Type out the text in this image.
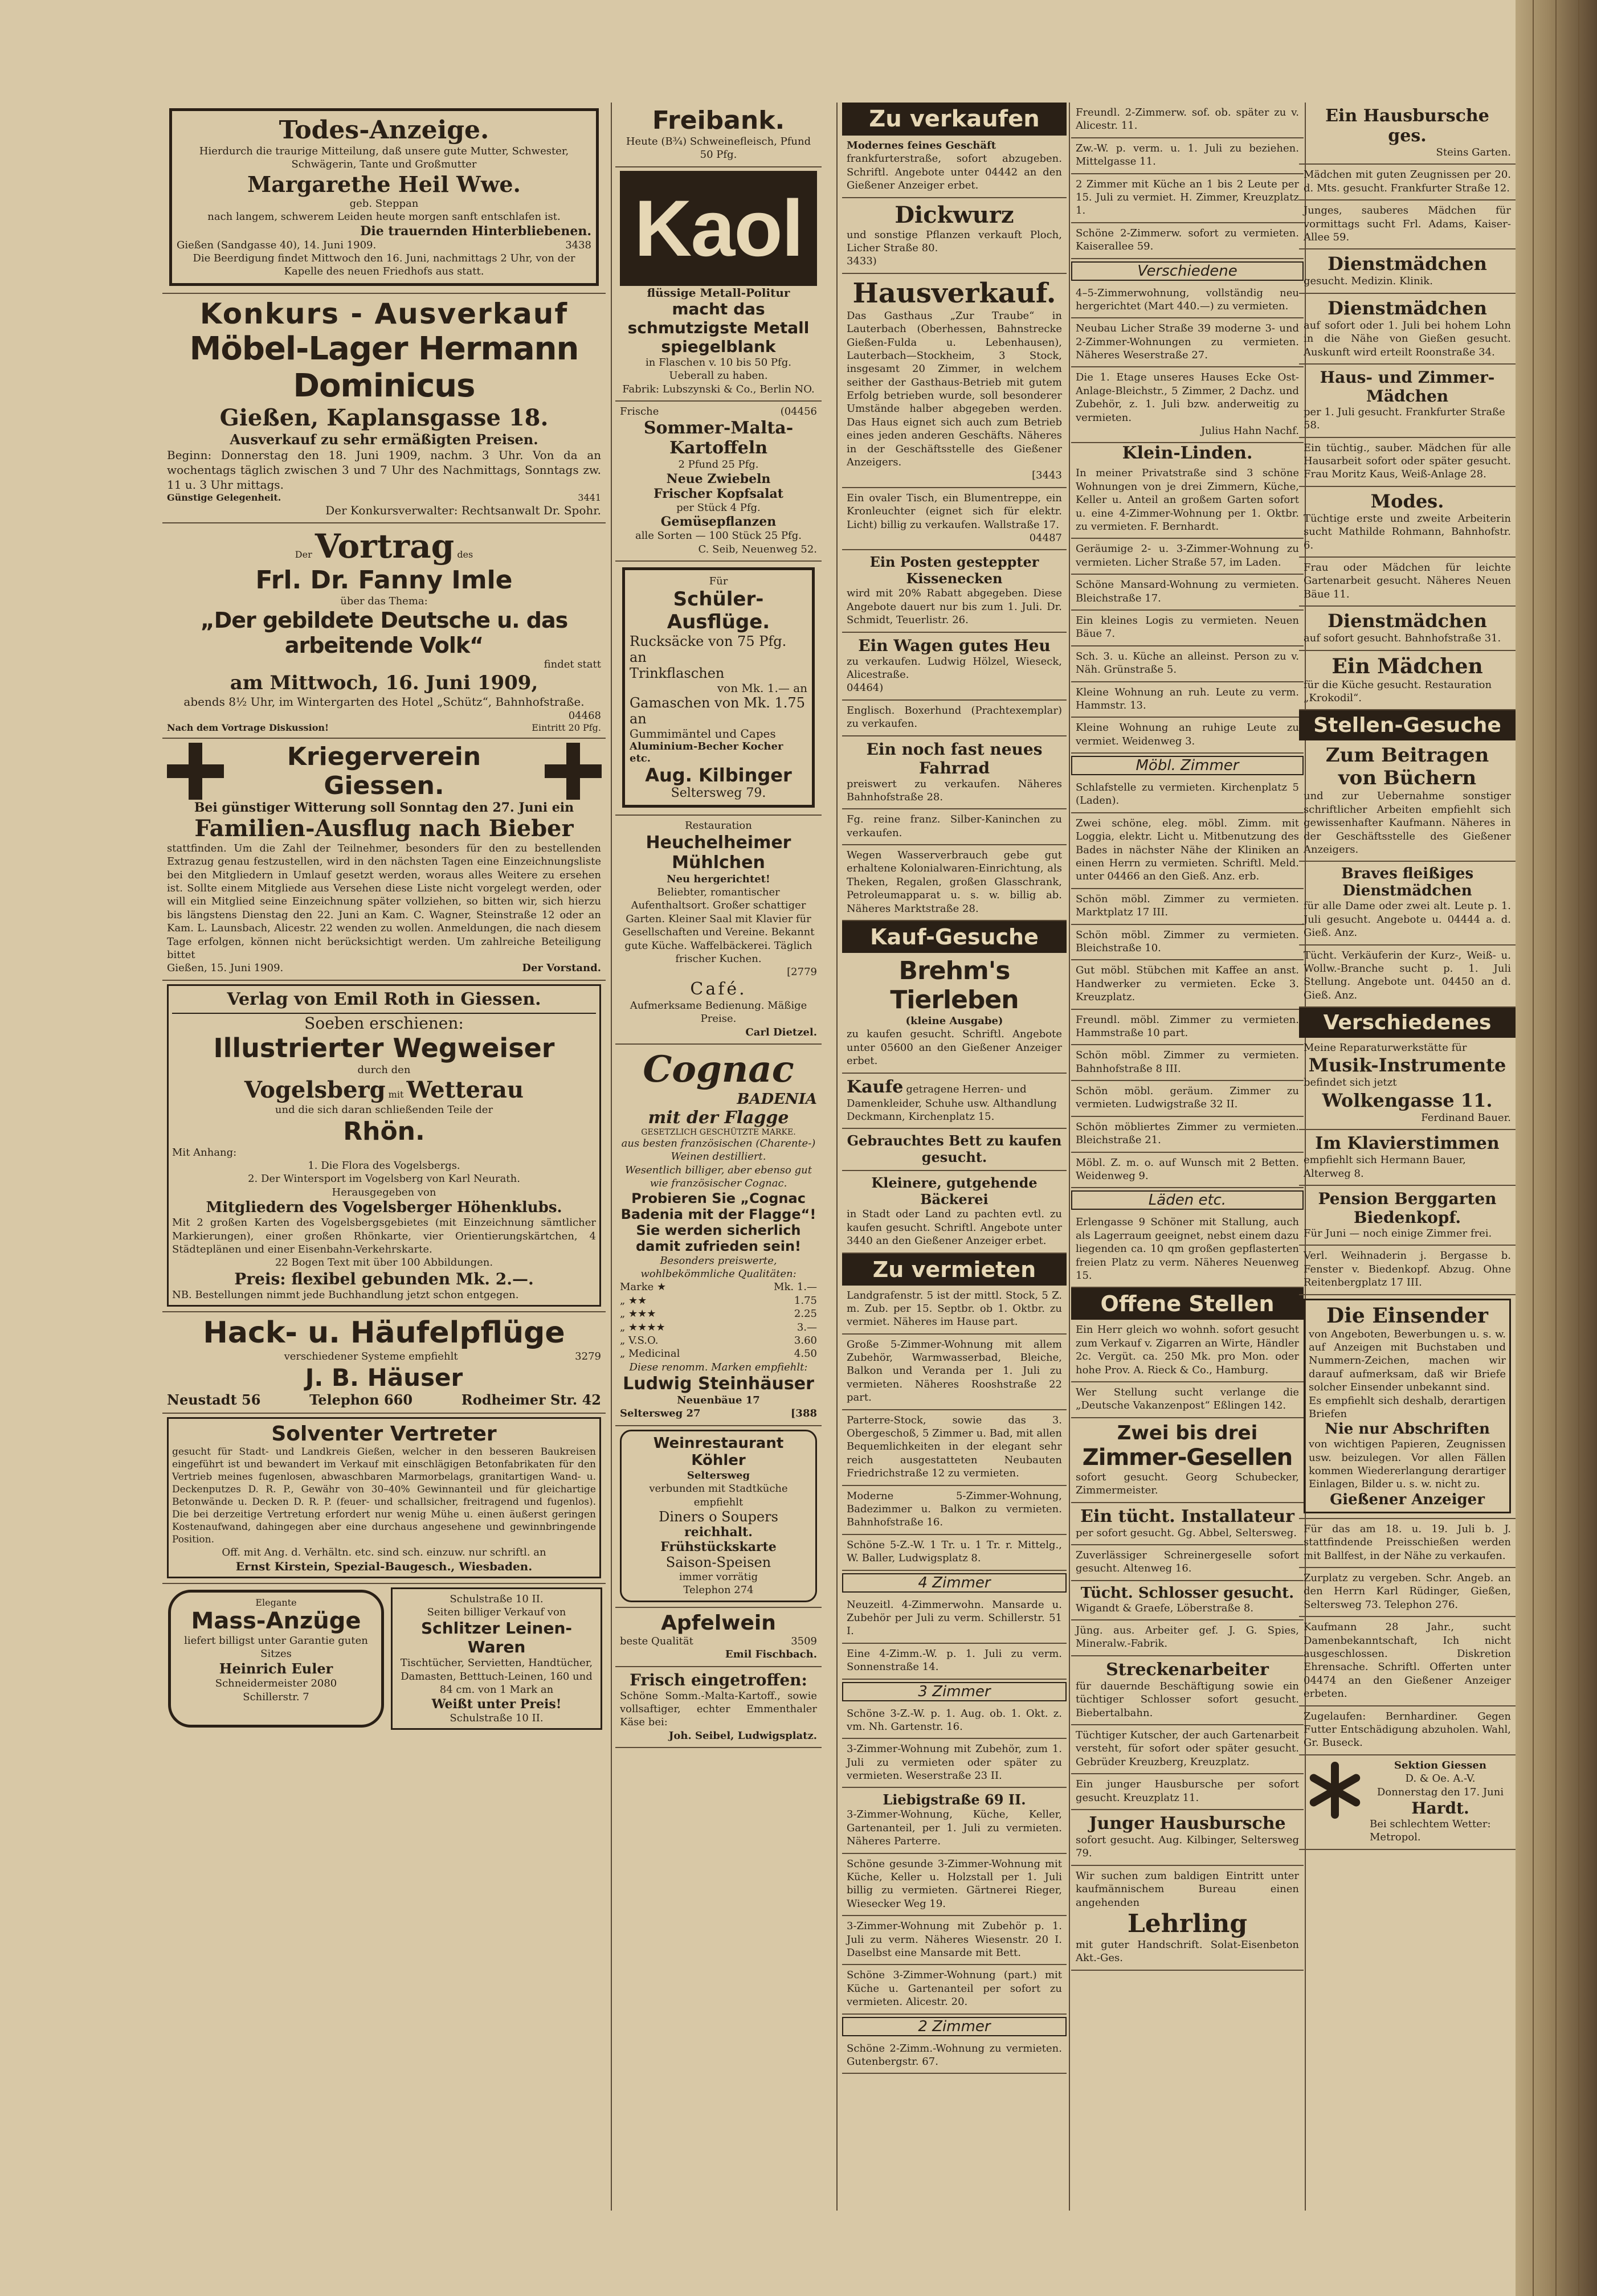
Todes-Anzeige.
Hierdurch die traurige Mitteilung, daß unsere gute Mutter, Schwester, Schwägerin, Tante und Großmutter
Margarethe Heil Wwe.
geb. Steppan
nach langem, schwerem Leiden heute morgen sanft entschlafen ist.
Die trauernden Hinterbliebenen.
Gießen (Sandgasse 40), 14. Juni 1909.	3438
Die Beerdigung findet Mittwoch den 16. Juni, nachmittags 2 Uhr, von der Kapelle des neuen Friedhofs aus statt.
Konkurs - Ausverkauf
Möbel-Lager Hermann Dominicus
Gießen, Kaplansgasse 18.
Ausverkauf zu sehr ermäßigten Preisen.
Beginn: Donnerstag den 18. Juni 1909, nachm. 3 Uhr. Von da an wochentags täglich zwischen 3 und 7 Uhr des Nachmittags, Sonntags zw. 11 u. 3 Uhr mittags.
Günstige Gelegenheit.	3441
Der Konkursverwalter: Rechtsanwalt Dr. Spohr.
Der Vortrag des
Frl. Dr. Fanny Imle
über das Thema:
„Der gebildete Deutsche u. das arbeitende Volk“
findet statt
am Mittwoch, 16. Juni 1909,
abends 8½ Uhr, im Wintergarten des Hotel „Schütz“, Bahnhofstraße.
04468
Nach dem Vortrage Diskussion!	Eintritt 20 Pfg.
Kriegerverein Giessen.
Bei günstiger Witterung soll Sonntag den 27. Juni ein
Familien-Ausflug nach Bieber
stattfinden. Um die Zahl der Teilnehmer, besonders für den zu bestellenden Extrazug genau festzustellen, wird in den nächsten Tagen eine Einzeichnungsliste bei den Mitgliedern in Umlauf gesetzt werden, woraus alles Weitere zu ersehen ist. Sollte einem Mitgliede aus Versehen diese Liste nicht vorgelegt werden, oder will ein Mitglied seine Einzeichnung später vollziehen, so bitten wir, sich hierzu bis längstens Dienstag den 22. Juni an Kam. C. Wagner, Steinstraße 12 oder an Kam. L. Launsbach, Alicestr. 22 wenden zu wollen. Anmeldungen, die nach diesem Tage erfolgen, können nicht berücksichtigt werden. Um zahlreiche Beteiligung bittet
Gießen, 15. Juni 1909.	Der Vorstand.
Verlag von Emil Roth in Giessen.
Soeben erschienen:
Illustrierter Wegweiser
durch den
Vogelsberg mit Wetterau
und die sich daran schließenden Teile der
Rhön.
Mit Anhang:
1. Die Flora des Vogelsbergs.
2. Der Wintersport im Vogelsberg von Karl Neurath.
Herausgegeben von
Mitgliedern des Vogelsberger Höhenklubs.
Mit 2 großen Karten des Vogelsbergsgebietes (mit Einzeichnung sämtlicher Markierungen), einer großen Rhönkarte, vier Orientierungskärtchen, 4 Städteplänen und einer Eisenbahn-Verkehrskarte.
22 Bogen Text mit über 100 Abbildungen.
Preis: flexibel gebunden Mk. 2.—.
NB. Bestellungen nimmt jede Buchhandlung jetzt schon entgegen.
Hack- u. Häufelpflüge
verschiedener Systeme empfiehlt	3279
J. B. Häuser
Neustadt 56	Telephon 660	Rodheimer Str. 42
Solventer Vertreter
gesucht für Stadt- und Landkreis Gießen, welcher in den besseren Baukreisen eingeführt ist und bewandert im Verkauf mit einschlägigen Betonfabrikaten für den Vertrieb meines fugenlosen, abwaschbaren Marmorbelags, granitartigen Wand- u. Deckenputzes D. R. P., Gewähr von 30–40% Gewinnanteil und für gleichartige Betonwände u. Decken D. R. P. (feuer- und schallsicher, freitragend und fugenlos). Die bei derzeitige Vertretung erfordert nur wenig Mühe u. einen äußerst geringen Kostenaufwand, dahingegen aber eine durchaus angesehene und gewinnbringende Position.
Off. mit Ang. d. Verhältn. etc. sind sch. einzuw. nur schriftl. an
Ernst Kirstein, Spezial-Baugesch., Wiesbaden.
Elegante
Mass-Anzüge
liefert billigst unter Garantie guten Sitzes
Heinrich Euler
Schneidermeister 2080
Schillerstr. 7
Schulstraße 10 II.
Seiten billiger Verkauf von
Schlitzer Leinen-Waren
Tischtücher, Servietten, Handtücher, Damasten, Betttuch-Leinen, 160 und 84 cm. von 1 Mark an
Weißt unter Preis!
Schulstraße 10 II.
Freibank.
Heute (B³⁄₄) Schweinefleisch, Pfund 50 Pfg.
Kaol
flüssige Metall-Politur
macht das
schmutzigste Metall
spiegelblank
in Flaschen v. 10 bis 50 Pfg.
Ueberall zu haben.
Fabrik: Lubszynski & Co., Berlin NO.
Frische	(04456
Sommer-Malta-Kartoffeln
2 Pfund 25 Pfg.
Neue Zwiebeln
Frischer Kopfsalat
per Stück 4 Pfg.
Gemüsepflanzen
alle Sorten — 100 Stück 25 Pfg.
C. Seib, Neuenweg 52.
Für
Schüler-Ausflüge.
Rucksäcke von 75 Pfg. an
Trinkflaschen
von Mk. 1.— an
Gamaschen von Mk. 1.75 an
Gummimäntel und Capes
Aluminium-Becher Kocher etc.
Aug. Kilbinger
Seltersweg 79.
Restauration
Heuchelheimer Mühlchen
Neu hergerichtet!
Beliebter, romantischer Aufenthaltsort. Großer schattiger Garten. Kleiner Saal mit Klavier für Gesellschaften und Vereine. Bekannt gute Küche. Waffelbäckerei. Täglich frischer Kuchen.
[2779
Café.
Aufmerksame Bedienung. Mäßige Preise.
Carl Dietzel.
Cognac
BADENIA
mit der Flagge
GESETZLICH GESCHÜTZTE MARKE.
aus besten französischen (Charente-) Weinen destilliert.
Wesentlich billiger, aber ebenso gut wie französischer Cognac.
Probieren Sie „Cognac Badenia mit der Flagge“! Sie werden sicherlich damit zufrieden sein!
Besonders preiswerte, wohlbekömmliche Qualitäten:
Marke ★	Mk. 1.—
„ ★★	1.75
„ ★★★	2.25
„ ★★★★	3.—
„ V.S.O.	3.60
„ Medicinal	4.50
Diese renomm. Marken empfiehlt:
Ludwig Steinhäuser
Neuenbäue 17
Seltersweg 27	[388
Weinrestaurant Köhler
Seltersweg
verbunden mit Stadtküche
empfiehlt
Diners o Soupers
reichhalt. Frühstückskarte
Saison-Speisen
immer vorrätig
Telephon 274
Apfelwein
beste Qualität	3509
Emil Fischbach.
Frisch eingetroffen:
Schöne Somm.-Malta-Kartoff., sowie vollsaftiger, echter Emmenthaler Käse bei:
Joh. Seibel, Ludwigsplatz.
Zu verkaufen
Modernes feines Geschäft
frankfurterstraße, sofort abzugeben. Schriftl. Angebote unter 04442 an den Gießener Anzeiger erbet.
Dickwurz
und sonstige Pflanzen verkauft Ploch, Licher Straße 80.
3433)
Hausverkauf.
Das Gasthaus „Zur Traube“ in Lauterbach (Oberhessen, Bahnstrecke Gießen-Fulda u. Lebenhausen), Lauterbach—Stockheim, 3 Stock, insgesamt 20 Zimmer, in welchem seither der Gasthaus-Betrieb mit gutem Erfolg betrieben wurde, soll besonderer Umstände halber abgegeben werden. Das Haus eignet sich auch zum Betrieb eines jeden anderen Geschäfts. Näheres in der Geschäftsstelle des Gießener Anzeigers.
[3443
Ein ovaler Tisch, ein Blumentreppe, ein Kronleuchter (eignet sich für elektr. Licht) billig zu verkaufen. Wallstraße 17.
04487
Ein Posten gesteppter Kissenecken
wird mit 20% Rabatt abgegeben. Diese Angebote dauert nur bis zum 1. Juli. Dr. Schmidt, Teuerlistr. 26.
Ein Wagen gutes Heu
zu verkaufen. Ludwig Hölzel, Wieseck, Alicestraße.
04464)
Englisch. Boxerhund (Prachtexemplar) zu verkaufen.
Ein noch fast neues Fahrrad
preiswert zu verkaufen. Näheres Bahnhofstraße 28.
Fg. reine franz. Silber-Kaninchen zu verkaufen.
Wegen Wasserverbrauch gebe gut erhaltene Kolonialwaren-Einrichtung, als Theken, Regalen, großen Glasschrank, Petroleumapparat u. s. w. billig ab. Näheres Marktstraße 28.
Kauf-Gesuche
Brehm's Tierleben
(kleine Ausgabe)
zu kaufen gesucht. Schriftl. Angebote unter 05600 an den Gießener Anzeiger erbet.
Kaufe getragene Herren- und Damenkleider, Schuhe usw. Althandlung Deckmann, Kirchenplatz 15.
Gebrauchtes Bett zu kaufen gesucht.
Kleinere, gutgehende Bäckerei
in Stadt oder Land zu pachten evtl. zu kaufen gesucht. Schriftl. Angebote unter 3440 an den Gießener Anzeiger erbet.
Zu vermieten
Landgrafenstr. 5 ist der mittl. Stock, 5 Z. m. Zub. per 15. Septbr. ob 1. Oktbr. zu vermiet. Näheres im Hause part.
Große 5-Zimmer-Wohnung mit allem Zubehör, Warmwasserbad, Bleiche, Balkon und Veranda per 1. Juli zu vermieten. Näheres Rooshstraße 22 part.
Parterre-Stock, sowie das 3. Obergeschoß, 5 Zimmer u. Bad, mit allen Bequemlichkeiten in der elegant sehr reich ausgestatteten Neubauten Friedrichstraße 12 zu vermieten.
Moderne 5-Zimmer-Wohnung, Badezimmer u. Balkon zu vermieten. Bahnhofstraße 16.
Schöne 5-Z.-W. 1 Tr. u. 1 Tr. r. Mittelg., W. Baller, Ludwigsplatz 8.
4 Zimmer
Neuzeitl. 4-Zimmerwohn. Mansarde u. Zubehör per Juli zu verm. Schillerstr. 51 I.
Eine 4-Zimm.-W. p. 1. Juli zu verm. Sonnenstraße 14.
3 Zimmer
Schöne 3-Z.-W. p. 1. Aug. ob. 1. Okt. z. vm. Nh. Gartenstr. 16.
3-Zimmer-Wohnung mit Zubehör, zum 1. Juli zu vermieten oder später zu vermieten. Weserstraße 23 II.
Liebigstraße 69 II.
3-Zimmer-Wohnung, Küche, Keller, Gartenanteil, per 1. Juli zu vermieten. Näheres Parterre.
Schöne gesunde 3-Zimmer-Wohnung mit Küche, Keller u. Holzstall per 1. Juli billig zu vermieten. Gärtnerei Rieger, Wiesecker Weg 19.
3-Zimmer-Wohnung mit Zubehör p. 1. Juli zu verm. Näheres Wiesenstr. 20 I. Daselbst eine Mansarde mit Bett.
Schöne 3-Zimmer-Wohnung (part.) mit Küche u. Gartenanteil per sofort zu vermieten. Alicestr. 20.
2 Zimmer
Schöne 2-Zimm.-Wohnung zu vermieten. Gutenbergstr. 67.
Freundl. 2-Zimmerw. sof. ob. später zu v. Alicestr. 11.
Zw.-W. p. verm. u. 1. Juli zu beziehen. Mittelgasse 11.
2 Zimmer mit Küche an 1 bis 2 Leute per 15. Juli zu vermiet. H. Zimmer, Kreuzplatz 1.
Schöne 2-Zimmerw. sofort zu vermieten. Kaiserallee 59.
Verschiedene
4–5-Zimmerwohnung, vollständig neu hergerichtet (Mart 440.—) zu vermieten.
Neubau Licher Straße 39 moderne 3- und 2-Zimmer-Wohnungen zu vermieten. Näheres Weserstraße 27.
Die 1. Etage unseres Hauses Ecke Ost-Anlage-Bleichstr., 5 Zimmer, 2 Dachz. und Zubehör, z. 1. Juli bzw. anderweitig zu vermieten.
Julius Hahn Nachf.
Klein-Linden.
In meiner Privatstraße sind 3 schöne Wohnungen von je drei Zimmern, Küche, Keller u. Anteil an großem Garten sofort u. eine 4-Zimmer-Wohnung per 1. Oktbr. zu vermieten. F. Bernhardt.
Geräumige 2- u. 3-Zimmer-Wohnung zu vermieten. Licher Straße 57, im Laden.
Schöne Mansard-Wohnung zu vermieten. Bleichstraße 17.
Ein kleines Logis zu vermieten. Neuen Bäue 7.
Sch. 3. u. Küche an alleinst. Person zu v. Näh. Grünstraße 5.
Kleine Wohnung an ruh. Leute zu verm. Hammstr. 13.
Kleine Wohnung an ruhige Leute zu vermiet. Weidenweg 3.
Möbl. Zimmer
Schlafstelle zu vermieten. Kirchenplatz 5 (Laden).
Zwei schöne, eleg. möbl. Zimm. mit Loggia, elektr. Licht u. Mitbenutzung des Bades in nächster Nähe der Kliniken an einen Herrn zu vermieten. Schriftl. Meld. unter 04466 an den Gieß. Anz. erb.
Schön möbl. Zimmer zu vermieten. Marktplatz 17 III.
Schön möbl. Zimmer zu vermieten. Bleichstraße 10.
Gut möbl. Stübchen mit Kaffee an anst. Handwerker zu vermieten. Ecke 3. Kreuzplatz.
Freundl. möbl. Zimmer zu vermieten. Hammstraße 10 part.
Schön möbl. Zimmer zu vermieten. Bahnhofstraße 8 III.
Schön möbl. geräum. Zimmer zu vermieten. Ludwigstraße 32 II.
Schön möbliertes Zimmer zu vermieten. Bleichstraße 21.
Möbl. Z. m. o. auf Wunsch mit 2 Betten. Weidenweg 9.
Läden etc.
Erlengasse 9 Schöner mit Stallung, auch als Lagerraum geeignet, nebst einem dazu liegenden ca. 10 qm großen gepflasterten freien Platz zu verm. Näheres Neuenweg 15.
Offene Stellen
Ein Herr gleich wo wohnh. sofort gesucht zum Verkauf v. Zigarren an Wirte, Händler 2c. Vergüt. ca. 250 Mk. pro Mon. oder hohe Prov. A. Rieck & Co., Hamburg.
Wer Stellung sucht verlange die „Deutsche Vakanzenpost“ Eßlingen 142.
Zwei bis drei
Zimmer-Gesellen
sofort gesucht. Georg Schubecker, Zimmermeister.
Ein tücht. Installateur
per sofort gesucht. Gg. Abbel, Seltersweg.
Zuverlässiger Schreinergeselle sofort gesucht. Altenweg 16.
Tücht. Schlosser gesucht.
Wigandt & Graefe, Löberstraße 8.
Jüng. aus. Arbeiter gef. J. G. Spies, Mineralw.-Fabrik.
Streckenarbeiter
für dauernde Beschäftigung sowie ein tüchtiger Schlosser sofort gesucht. Biebertalbahn.
Tüchtiger Kutscher, der auch Gartenarbeit versteht, für sofort oder später gesucht. Gebrüder Kreuzberg, Kreuzplatz.
Ein junger Hausbursche per sofort gesucht. Kreuzplatz 11.
Junger Hausbursche
sofort gesucht. Aug. Kilbinger, Seltersweg 79.
Wir suchen zum baldigen Eintritt unter kaufmännischem Bureau einen angehenden
Lehrling
mit guter Handschrift. Solat-Eisenbeton Akt.-Ges.
Ein Hausbursche ges.
Steins Garten.
Mädchen mit guten Zeugnissen per 20. d. Mts. gesucht. Frankfurter Straße 12.
Junges, sauberes Mädchen für vormittags sucht Frl. Adams, Kaiser-Allee 59.
Dienstmädchen
gesucht. Medizin. Klinik.
Dienstmädchen
auf sofort oder 1. Juli bei hohem Lohn in die Nähe von Gießen gesucht. Auskunft wird erteilt Roonstraße 34.
Haus- und Zimmer-Mädchen
per 1. Juli gesucht. Frankfurter Straße 58.
Ein tüchtig., sauber. Mädchen für alle Hausarbeit sofort oder später gesucht. Frau Moritz Kaus, Weiß-Anlage 28.
Modes.
Tüchtige erste und zweite Arbeiterin sucht Mathilde Rohmann, Bahnhofstr. 6.
Frau oder Mädchen für leichte Gartenarbeit gesucht. Näheres Neuen Bäue 11.
Dienstmädchen
auf sofort gesucht. Bahnhofstraße 31.
Ein Mädchen
für die Küche gesucht. Restauration „Krokodil“.
Stellen-Gesuche
Zum Beitragen von Büchern
und zur Uebernahme sonstiger schriftlicher Arbeiten empfiehlt sich gewissenhafter Kaufmann. Näheres in der Geschäftsstelle des Gießener Anzeigers.
Braves fleißiges Dienstmädchen
für alle Dame oder zwei alt. Leute p. 1. Juli gesucht. Angebote u. 04444 a. d. Gieß. Anz.
Tücht. Verkäuferin der Kurz-, Weiß- u. Wollw.-Branche sucht p. 1. Juli Stellung. Angebote unt. 04450 an d. Gieß. Anz.
Verschiedenes
Meine Reparaturwerkstätte für
Musik-Instrumente
befindet sich jetzt
Wolkengasse 11.
Ferdinand Bauer.
Im Klavierstimmen
empfiehlt sich Hermann Bauer, Alterweg 8.
Pension Berggarten Biedenkopf.
Für Juni — noch einige Zimmer frei.
Verl. Weihnaderin j. Bergasse b. Fenster v. Biedenkopf. Abzug. Ohne Reitenbergplatz 17 III.
Die Einsender
von Angeboten, Bewerbungen u. s. w. auf Anzeigen mit Buchstaben und Nummern-Zeichen, machen wir darauf aufmerksam, daß wir Briefe solcher Einsender unbekannt sind.
Es empfiehlt sich deshalb, derartigen Briefen
Nie nur Abschriften
von wichtigen Papieren, Zeugnissen usw. beizulegen. Vor allen Fällen kommen Wiedererlangung derartiger Einlagen, Bilder u. s. w. nicht zu.
Gießener Anzeiger
Für das am 18. u. 19. Juli b. J. stattfindende Preisschießen werden mit Ballfest, in der Nähe zu verkaufen.
Zurplatz zu vergeben. Schr. Angeb. an den Herrn Karl Rüdinger, Gießen, Seltersweg 73. Telephon 276.
Kaufmann 28 Jahr., sucht Damenbekanntschaft, Ich nicht ausgeschlossen. Diskretion Ehrensache. Schriftl. Offerten unter 04474 an den Gießener Anzeiger erbeten.
Zugelaufen: Bernhardiner. Gegen Futter Entschädigung abzuholen. Wahl, Gr. Buseck.
Sektion Giessen
D. & Oe. A.-V.
Donnerstag den 17. Juni
Hardt.
Bei schlechtem Wetter: Metropol.
